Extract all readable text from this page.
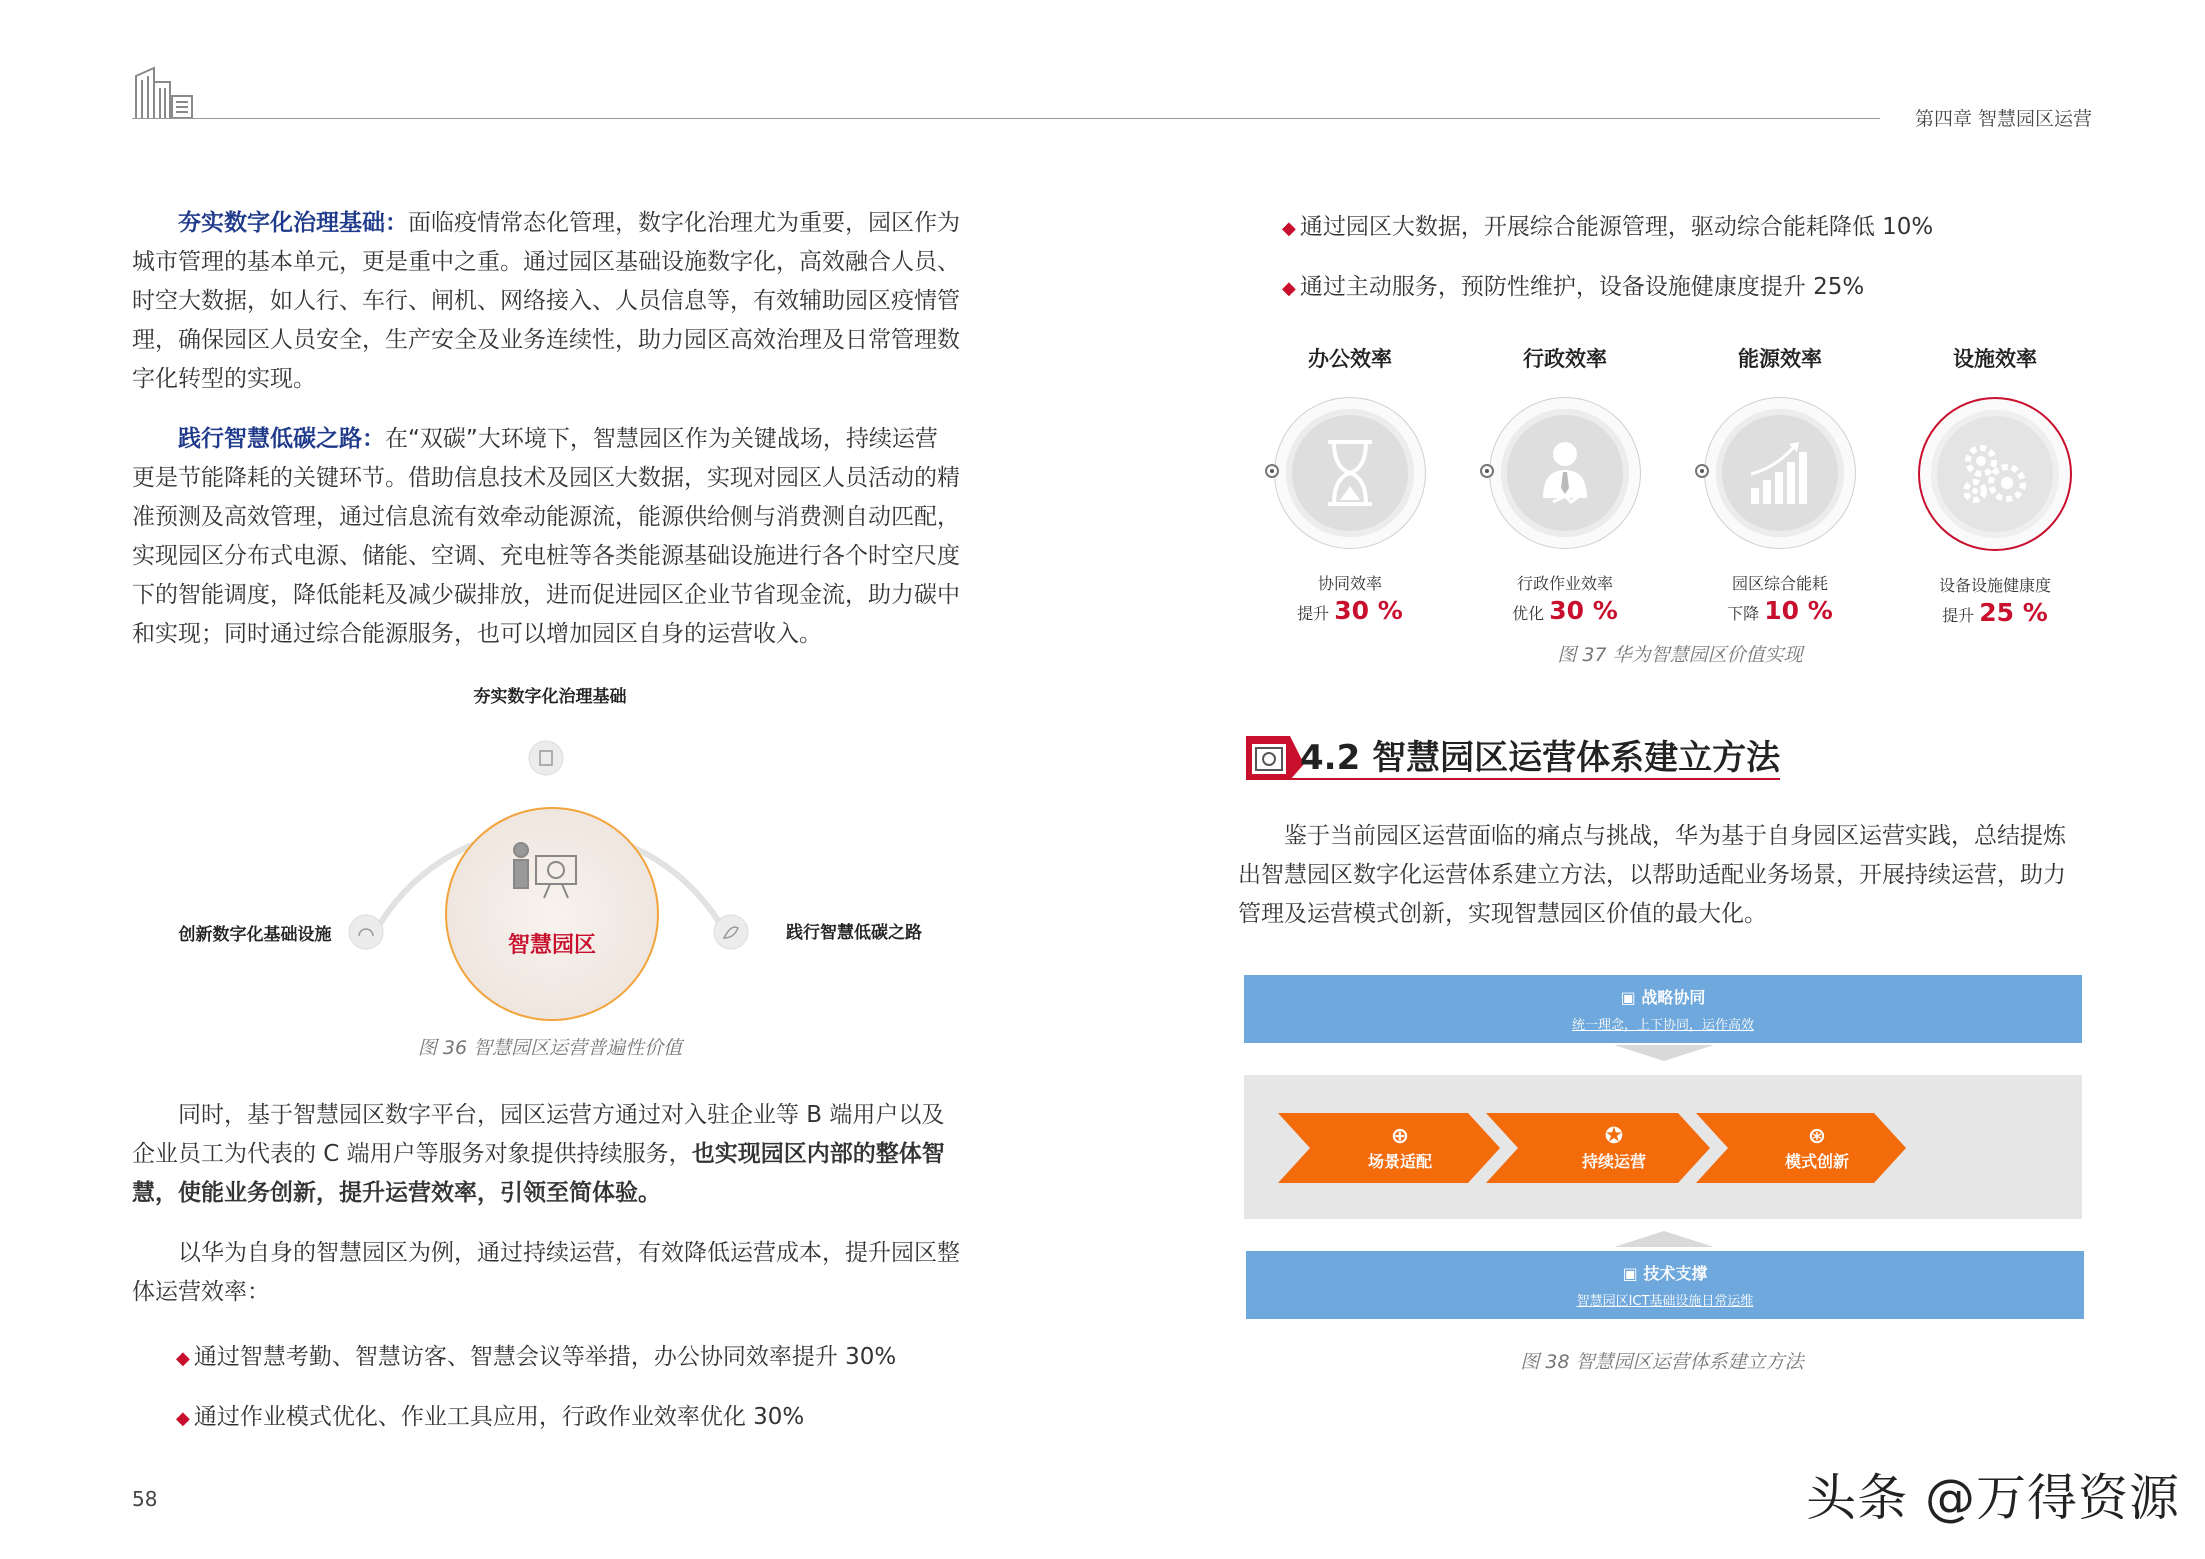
第四章 智慧园区运营

夯实数字化治理基础：面临疫情常态化管理，数字化治理尤为重要，园区作为

城市管理的基本单元，更是重中之重。通过园区基础设施数字化，高效融合人员、

时空大数据，如人行、车行、闸机、网络接入、人员信息等，有效辅助园区疫情管

理，确保园区人员安全，生产安全及业务连续性，助力园区高效治理及日常管理数

字化转型的实现。

践行智慧低碳之路：在“双碳”大环境下，智慧园区作为关键战场，持续运营

更是节能降耗的关键环节。借助信息技术及园区大数据，实现对园区人员活动的精

准预测及高效管理，通过信息流有效牵动能源流，能源供给侧与消费测自动匹配，

实现园区分布式电源、储能、空调、充电桩等各类能源基础设施进行各个时空尺度

下的智能调度，降低能耗及减少碳排放，进而促进园区企业节省现金流，助力碳中

和实现；同时通过综合能源服务，也可以增加园区自身的运营收入。

夯实数字化治理基础
创新数字化基础设施	践行智慧低碳之路
智慧园区
图 36 智慧园区运营普遍性价值

同时，基于智慧园区数字平台，园区运营方通过对入驻企业等 B 端用户以及

企业员工为代表的 C 端用户等服务对象提供持续服务，也实现园区内部的整体智

慧，使能业务创新，提升运营效率，引领至简体验。

以华为自身的智慧园区为例，通过持续运营，有效降低运营成本，提升园区整

体运营效率：

◆ 通过智慧考勤、智慧访客、智慧会议等举措，办公协同效率提升 30%
◆ 通过作业模式优化、作业工具应用，行政作业效率优化 30%
58
◆ 通过园区大数据，开展综合能源管理，驱动综合能耗降低 10%
◆ 通过主动服务，预防性维护，设备设施健康度提升 25%
办公效率
协同效率
提升 30 %
行政效率
行政作业效率
优化 30 %
能源效率
园区综合能耗
下降 10 %
设施效率
设备设施健康度
提升 25 %
图 37 华为智慧园区价值实现
4.2 智慧园区运营体系建立方法

鉴于当前园区运营面临的痛点与挑战，华为基于自身园区运营实践，总结提炼

出智慧园区数字化运营体系建立方法，以帮助适配业务场景，开展持续运营，助力

管理及运营模式创新，实现智慧园区价值的最大化。

▣ 战略协同
统一理念，上下协同，运作高效
⊕
场景适配
✪
持续运营
⊛
模式创新
▣ 技术支撑
智慧园区ICT基础设施日常运维
图 38 智慧园区运营体系建立方法
头条 @万得资源
